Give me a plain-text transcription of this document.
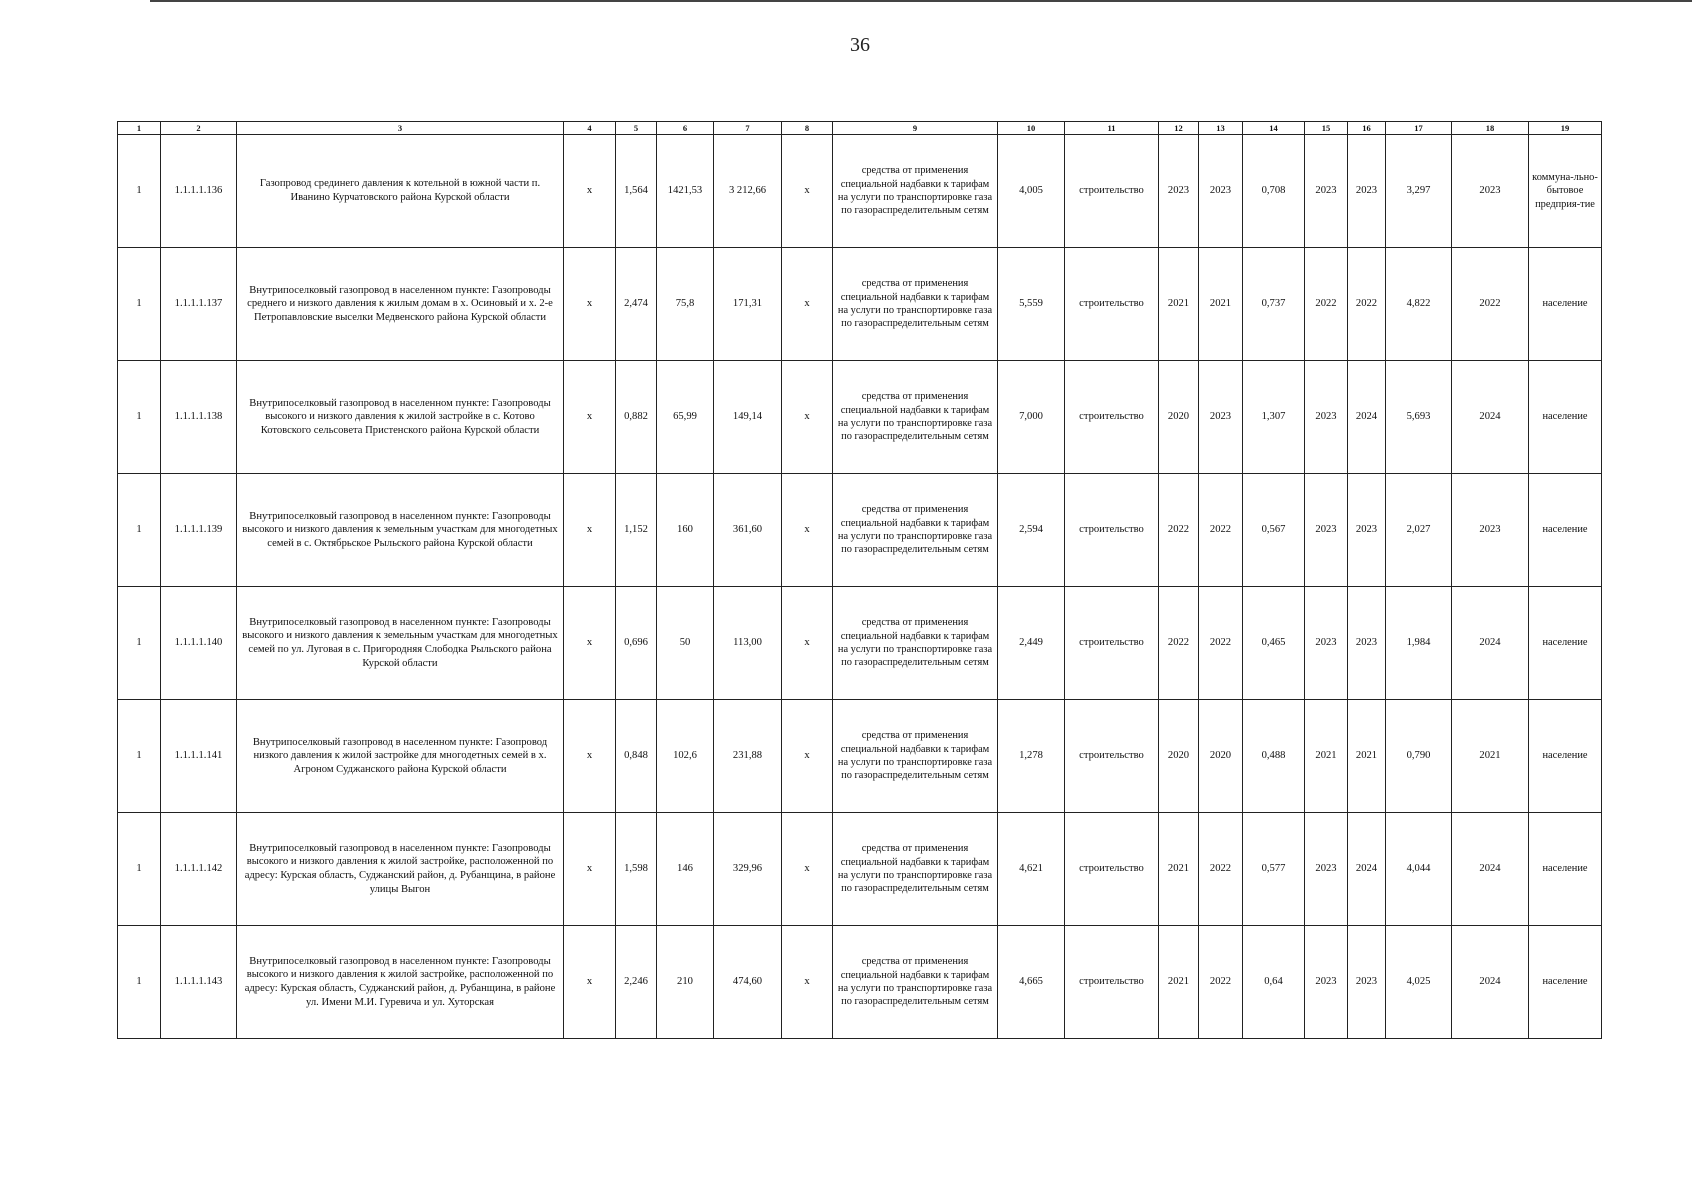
36
1	2	3	4	5	6	7	8	9	10	11	12	13	14	15	16	17	18	19
1	1.1.1.1.136	Газопровод срединего давления к котельной в южной части п. Иванино Курчатовского района Курской области	x	1,564	1421,53	3 212,66	x	средства от применения специальной надбавки к тарифам на услуги по транспортировке газа по газораспределительным сетям	4,005	строительство	2023	2023	0,708	2023	2023	3,297	2023	коммуна-льно-бытовое предприя-тие
1	1.1.1.1.137	Внутрипоселковый газопровод в населенном пункте: Газопроводы среднего и низкого давления к жилым домам в х. Осиновый и х. 2-е Петропавловские выселки Медвенского района Курской области	x	2,474	75,8	171,31	x	средства от применения специальной надбавки к тарифам на услуги по транспортировке газа по газораспределительным сетям	5,559	строительство	2021	2021	0,737	2022	2022	4,822	2022	население
1	1.1.1.1.138	Внутрипоселковый газопровод в населенном пункте: Газопроводы высокого и низкого давления к жилой застройке в с. Котово Котовского сельсовета Пристенского района Курской области	x	0,882	65,99	149,14	x	средства от применения специальной надбавки к тарифам на услуги по транспортировке газа по газораспределительным сетям	7,000	строительство	2020	2023	1,307	2023	2024	5,693	2024	население
1	1.1.1.1.139	Внутрипоселковый газопровод в населенном пункте: Газопроводы высокого и низкого давления к земельным участкам для многодетных семей в с. Октябрьское Рыльского района Курской области	x	1,152	160	361,60	x	средства от применения специальной надбавки к тарифам на услуги по транспортировке газа по газораспределительным сетям	2,594	строительство	2022	2022	0,567	2023	2023	2,027	2023	население
1	1.1.1.1.140	Внутрипоселковый газопровод в населенном пункте: Газопроводы высокого и низкого давления к земельным участкам для многодетных семей по ул. Луговая в с. Пригородняя Слободка Рыльского района Курской области	x	0,696	50	113,00	x	средства от применения специальной надбавки к тарифам на услуги по транспортировке газа по газораспределительным сетям	2,449	строительство	2022	2022	0,465	2023	2023	1,984	2024	население
1	1.1.1.1.141	Внутрипоселковый газопровод в населенном пункте: Газопровод низкого давления к жилой застройке для многодетных семей в х. Агроном Суджанского района Курской области	x	0,848	102,6	231,88	x	средства от применения специальной надбавки к тарифам на услуги по транспортировке газа по газораспределительным сетям	1,278	строительство	2020	2020	0,488	2021	2021	0,790	2021	население
1	1.1.1.1.142	Внутрипоселковый газопровод в населенном пункте: Газопроводы высокого и низкого давления к жилой застройке, расположенной по адресу: Курская область, Суджанский район, д. Рубанщина, в районе улицы Выгон	x	1,598	146	329,96	x	средства от применения специальной надбавки к тарифам на услуги по транспортировке газа по газораспределительным сетям	4,621	строительство	2021	2022	0,577	2023	2024	4,044	2024	население
1	1.1.1.1.143	Внутрипоселковый газопровод в населенном пункте: Газопроводы высокого и низкого давления к жилой застройке, расположенной по адресу: Курская область, Суджанский район, д. Рубанщина, в районе ул. Имени М.И. Гуревича и ул. Хуторская	x	2,246	210	474,60	x	средства от применения специальной надбавки к тарифам на услуги по транспортировке газа по газораспределительным сетям	4,665	строительство	2021	2022	0,64	2023	2023	4,025	2024	население
